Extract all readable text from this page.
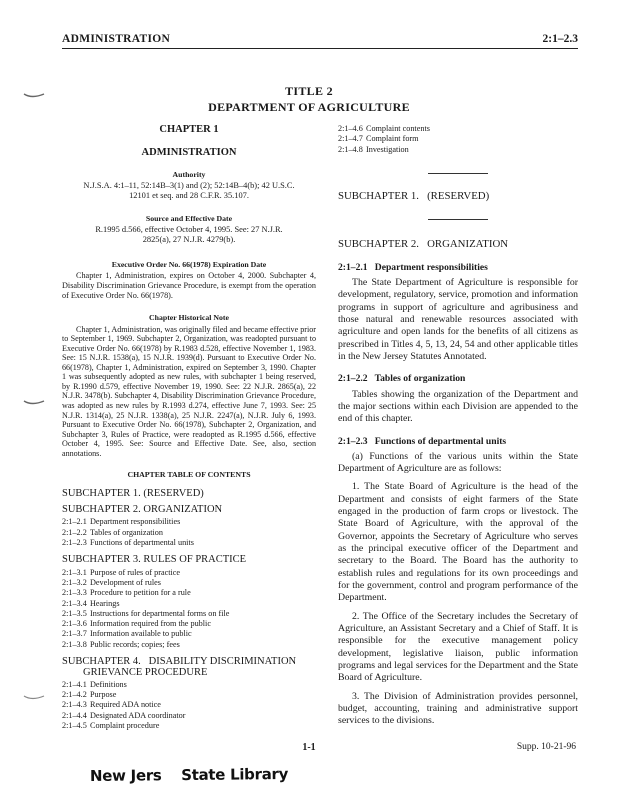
ADMINISTRATION	2:1–2.3
TITLE 2
DEPARTMENT OF AGRICULTURE
CHAPTER 1
ADMINISTRATION
Authority
N.J.S.A. 4:1–11, 52:14B–3(1) and (2); 52:14B–4(b); 42 U.S.C. 12101 et seq. and 28 C.F.R. 35.107.
Source and Effective Date
R.1995 d.566, effective October 4, 1995. See: 27 N.J.R. 2825(a), 27 N.J.R. 4279(b).
Executive Order No. 66(1978) Expiration Date

Chapter 1, Administration, expires on October 4, 2000. Subchapter 4, Disability Discrimination Grievance Procedure, is exempt from the operation of Executive Order No. 66(1978).

Chapter Historical Note

Chapter 1, Administration, was originally filed and became effective prior to September 1, 1969. Subchapter 2, Organization, was readopted pursuant to Executive Order No. 66(1978) by R.1983 d.528, effective November 1, 1983. See: 15 N.J.R. 1538(a), 15 N.J.R. 1939(d). Pursuant to Executive Order No. 66(1978), Chapter 1, Administration, expired on September 3, 1990. Chapter 1 was subsequently adopted as new rules, with subchapter 1 being reserved, by R.1990 d.579, effective November 19, 1990. See: 22 N.J.R. 2865(a), 22 N.J.R. 3478(b). Subchapter 4, Disability Discrimination Grievance Procedure, was adopted as new rules by R.1993 d.274, effective June 7, 1993. See: 25 N.J.R. 1314(a), 25 N.J.R. 1338(a), 25 N.J.R. 2247(a), N.J.R. July 6, 1993. Pursuant to Executive Order No. 66(1978), Subchapter 2, Organization, and Subchapter 3, Rules of Practice, were readopted as R.1995 d.566, effective October 4, 1995. See: Source and Effective Date. See, also, section annotations.

CHAPTER TABLE OF CONTENTS
SUBCHAPTER 1. (RESERVED)
SUBCHAPTER 2. ORGANIZATION
2:1–2.1 Department responsibilities
2:1–2.2 Tables of organization
2:1–2.3 Functions of departmental units
SUBCHAPTER 3. RULES OF PRACTICE
2:1–3.1 Purpose of rules of practice
2:1–3.2 Development of rules
2:1–3.3 Procedure to petition for a rule
2:1–3.4 Hearings
2:1–3.5 Instructions for departmental forms on file
2:1–3.6 Information required from the public
2:1–3.7 Information available to public
2:1–3.8 Public records; copies; fees
SUBCHAPTER 4.   DISABILITY DISCRIMINATION
GRIEVANCE PROCEDURE
2:1–4.1 Definitions
2:1–4.2 Purpose
2:1–4.3 Required ADA notice
2:1–4.4 Designated ADA coordinator
2:1–4.5 Complaint procedure
2:1–4.6 Complaint contents
2:1–4.7 Complaint form
2:1–4.8 Investigation
SUBCHAPTER 1.   (RESERVED)
SUBCHAPTER 2.   ORGANIZATION
2:1–2.1   Department responsibilities

The State Department of Agriculture is responsible for development, regulatory, service, promotion and information programs in support of agriculture and agribusiness and those natural and renewable resources associated with agriculture and open lands for the benefits of all citizens as prescribed in Titles 4, 5, 13, 24, 54 and other applicable titles in the New Jersey Statutes Annotated.

2:1–2.2   Tables of organization

Tables showing the organization of the Department and the major sections within each Division are appended to the end of this chapter.

2:1–2.3   Functions of departmental units

(a) Functions of the various units within the State Department of Agriculture are as follows:

1. The State Board of Agriculture is the head of the Department and consists of eight farmers of the State engaged in the production of farm crops or livestock. The State Board of Agriculture, with the approval of the Governor, appoints the Secretary of Agriculture who serves as the principal executive officer of the Department and secretary to the Board. The Board has the authority to establish rules and regulations for its own proceedings and for the government, control and program performance of the Department.

2. The Office of the Secretary includes the Secretary of Agriculture, an Assistant Secretary and a Chief of Staff. It is responsible for the executive management policy development, legislative liaison, public information programs and legal services for the Department and the State Board of Agriculture.

3. The Division of Administration provides personnel, budget, accounting, training and administrative support services to the divisions.

1-1	Supp. 10-21-96
New Jers    State Library
